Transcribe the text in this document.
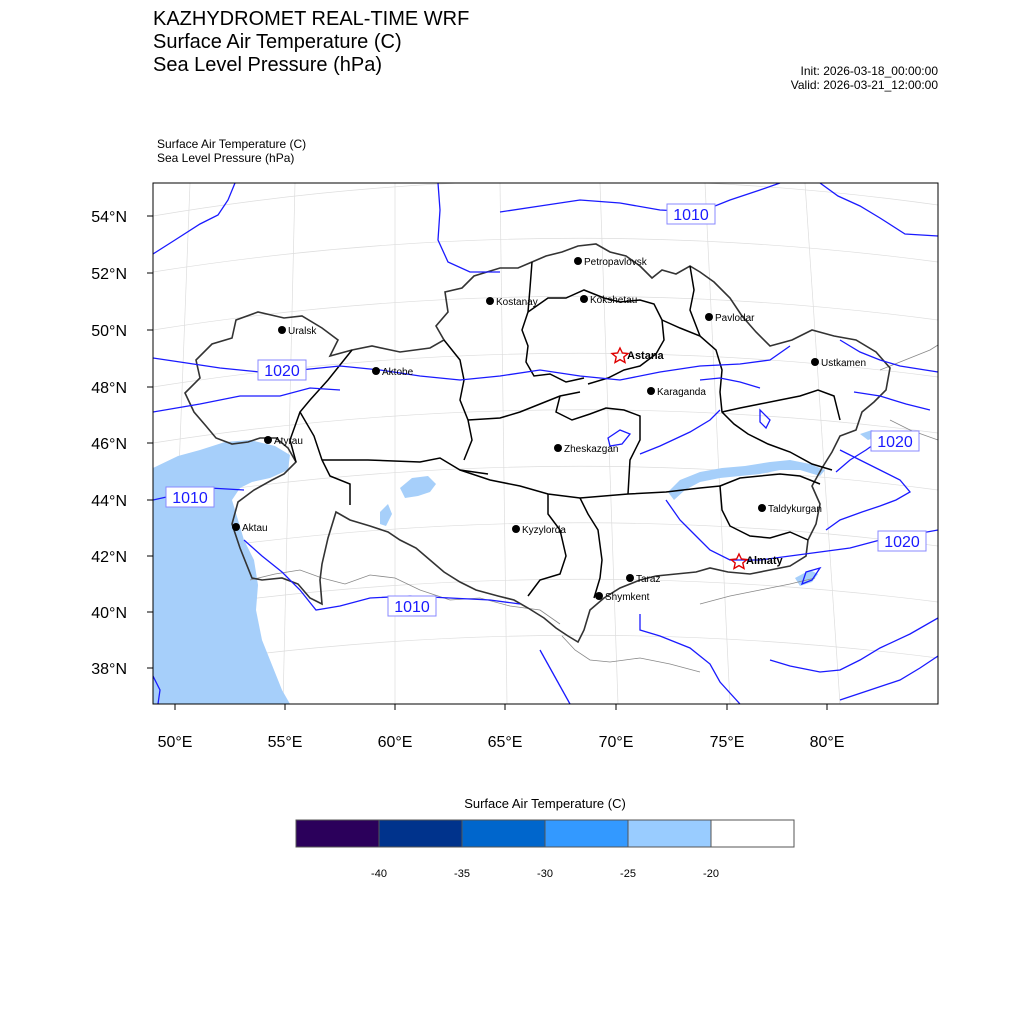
KAZHYDROMET REAL-TIME WRF
Surface Air Temperature (C)
Sea Level Pressure (hPa)	Init: 2026-03-18_00:00:00
Valid: 2026-03-21_12:00:00
Surface Air Temperature (C)
Sea Level Pressure (hPa)
54°N
52°N
50°N
48°N
46°N
44°N
42°N
40°N
38°N
50°E	55°E	60°E	65°E	70°E	75°E	80°E
1010
1020
1010
1020
1020
1010
Petropavlovsk
Kostanay	Kokshetau
Pavlodar
Uralsk
Astana
Aktobe
Ustkamen
Karaganda
Atyrau
Zheskazgan
Aktau	Kyzylorda
Taldykurgan
Almaty
Taraz
Shymkent
Surface Air Temperature (C)
-40	-35	-30	-25	-20
